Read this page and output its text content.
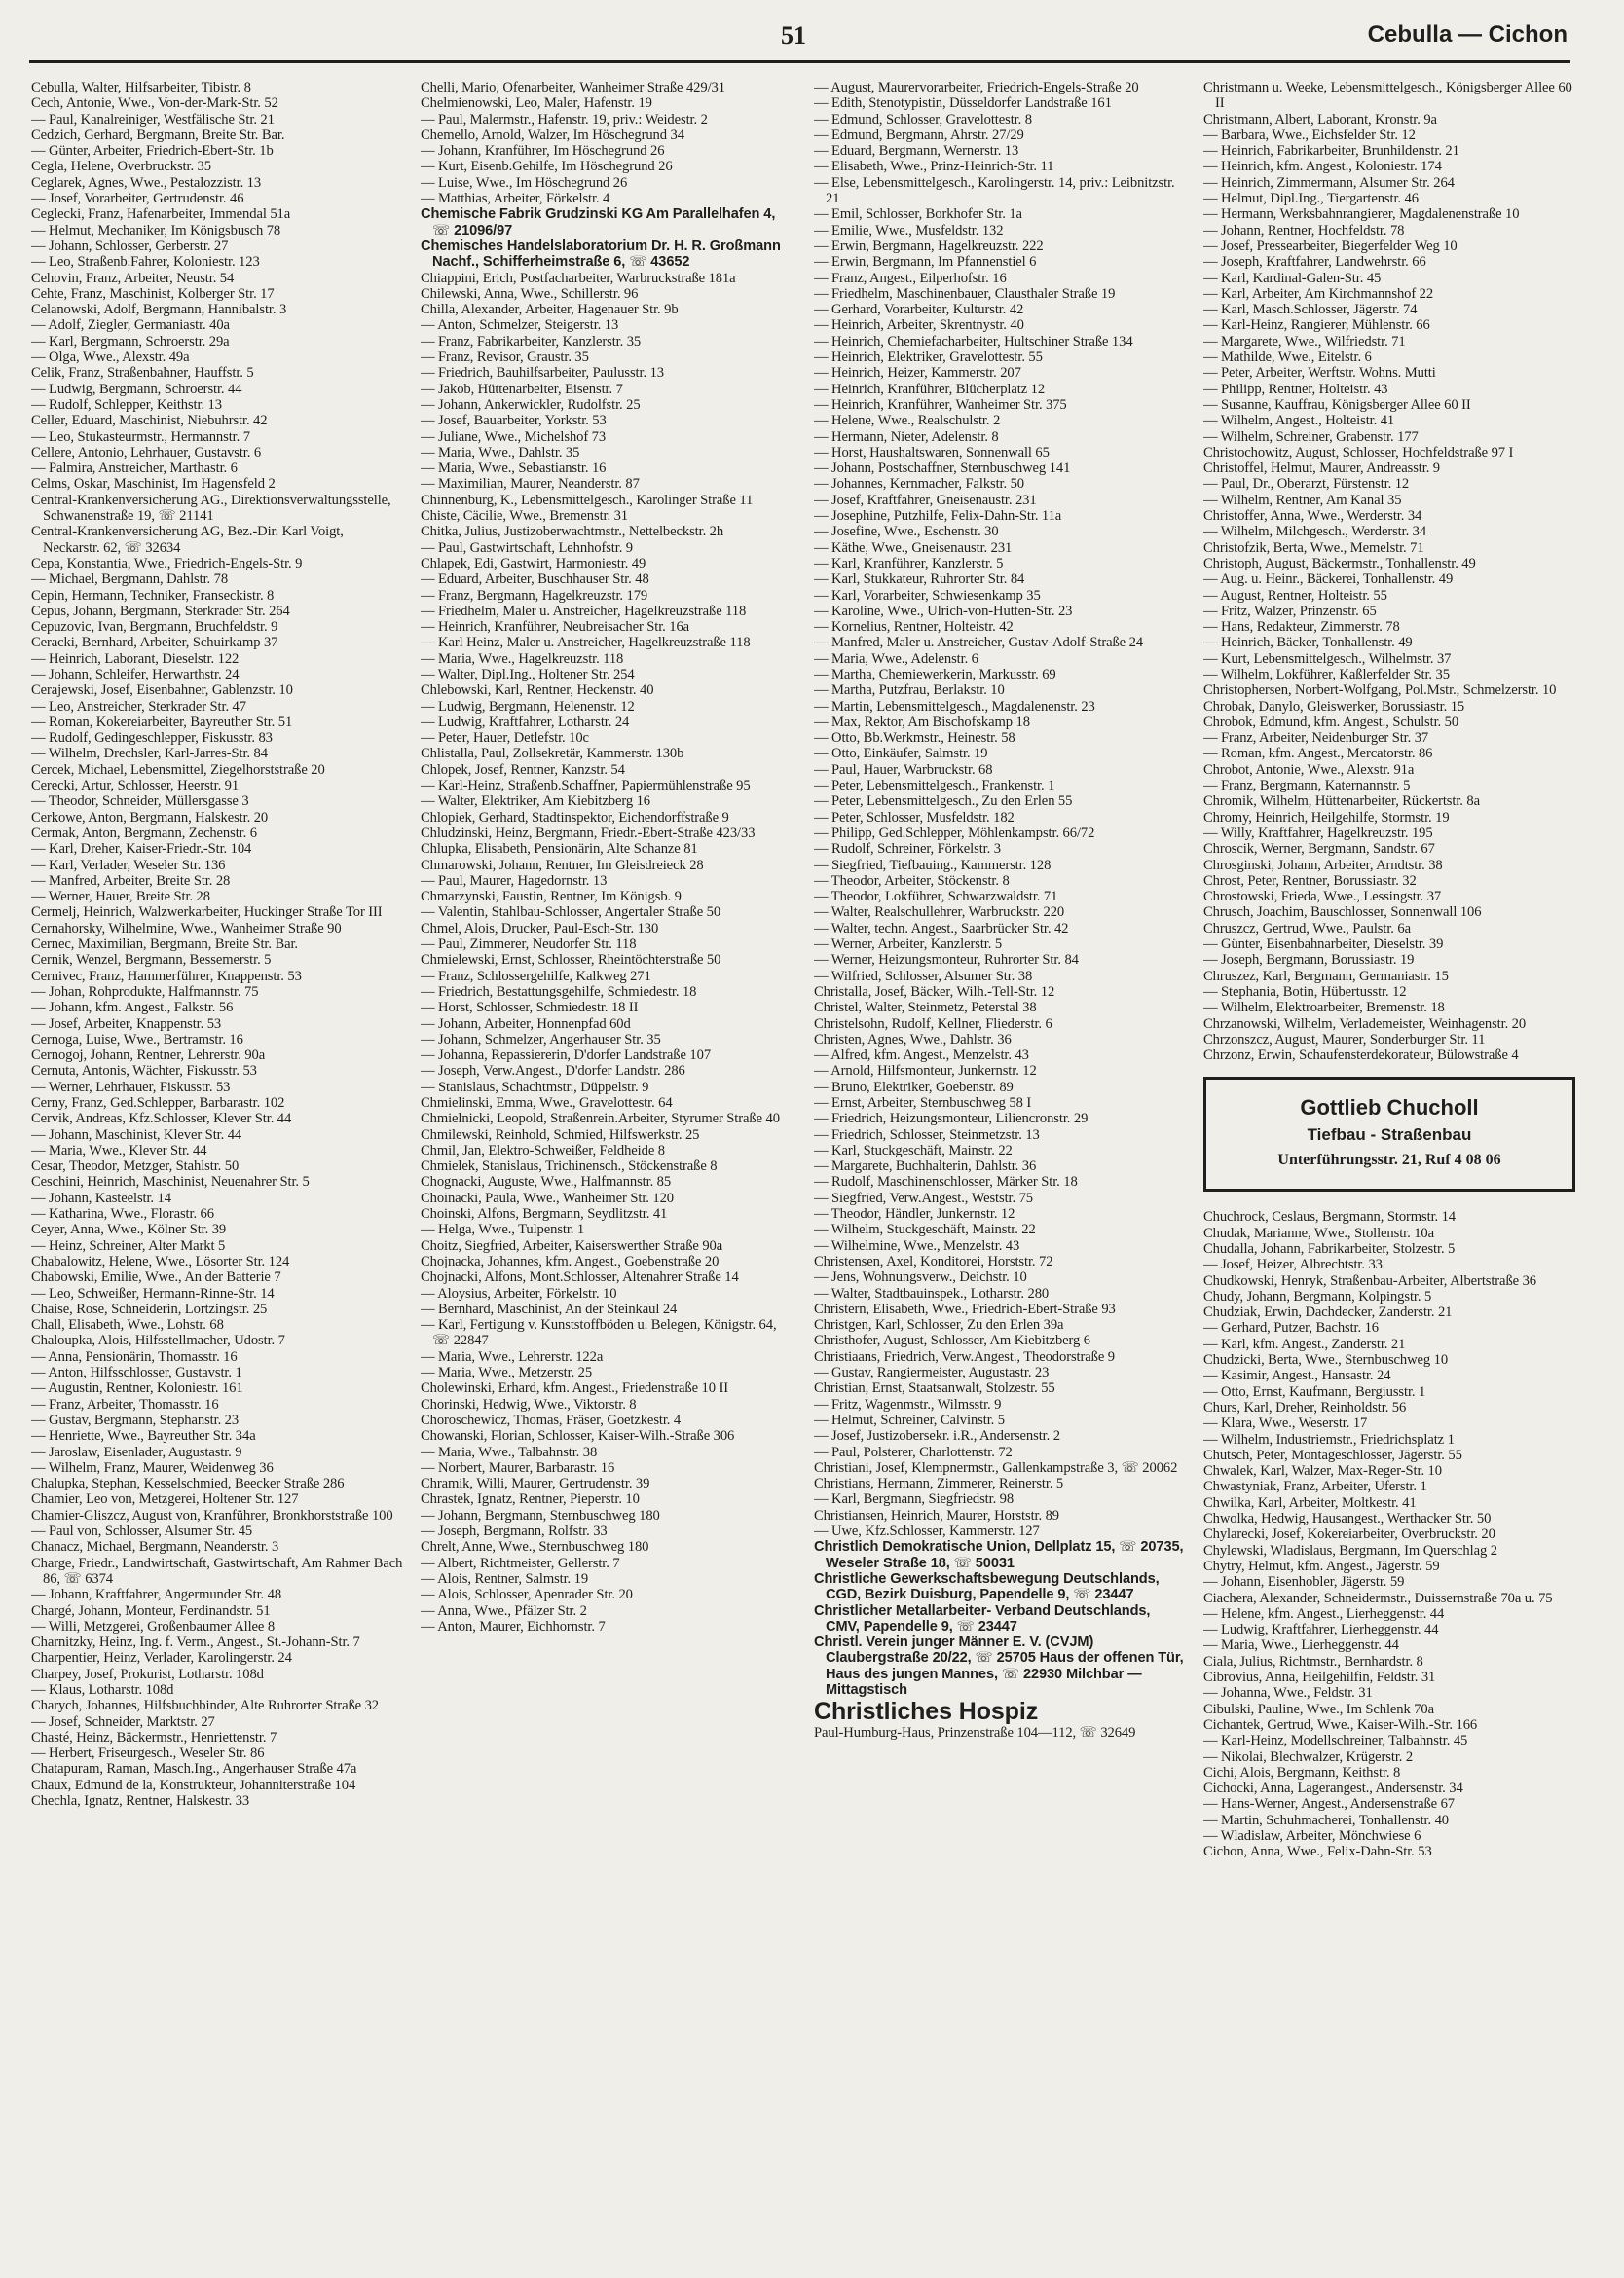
51	Cebulla — Cichon

Cebulla, Walter, Hilfsarbeiter, Tibistr. 8

Cech, Antonie, Wwe., Von-der-Mark-Str. 52

— Paul, Kanalreiniger, Westfälische Str. 21

Cedzich, Gerhard, Bergmann, Breite Str. Bar.

— Günter, Arbeiter, Friedrich-Ebert-Str. 1b

Cegla, Helene, Overbruckstr. 35

Ceglarek, Agnes, Wwe., Pestalozzistr. 13

— Josef, Vorarbeiter, Gertrudenstr. 46

Ceglecki, Franz, Hafenarbeiter, Immendal 51a

— Helmut, Mechaniker, Im Königsbusch 78

— Johann, Schlosser, Gerberstr. 27

— Leo, Straßenb.Fahrer, Koloniestr. 123

Cehovin, Franz, Arbeiter, Neustr. 54

Cehte, Franz, Maschinist, Kolberger Str. 17

Celanowski, Adolf, Bergmann, Hannibalstr. 3

— Adolf, Ziegler, Germaniastr. 40a

— Karl, Bergmann, Schroerstr. 29a

— Olga, Wwe., Alexstr. 49a

Celik, Franz, Straßenbahner, Hauffstr. 5

— Ludwig, Bergmann, Schroerstr. 44

— Rudolf, Schlepper, Keithstr. 13

Celler, Eduard, Maschinist, Niebuhrstr. 42

— Leo, Stukasteurmstr., Hermannstr. 7

Cellere, Antonio, Lehrhauer, Gustavstr. 6

— Palmira, Anstreicher, Marthastr. 6

Celms, Oskar, Maschinist, Im Hagensfeld 2

Central-Krankenversicherung AG., Direktionsverwaltungsstelle, Schwanenstraße 19, ☏ 21141

Central-Krankenversicherung AG, Bez.-Dir. Karl Voigt, Neckarstr. 62, ☏ 32634

Cepa, Konstantia, Wwe., Friedrich-Engels-Str. 9

— Michael, Bergmann, Dahlstr. 78

Cepin, Hermann, Techniker, Franseckistr. 8

Cepus, Johann, Bergmann, Sterkrader Str. 264

Cepuzovic, Ivan, Bergmann, Bruchfeldstr. 9

Ceracki, Bernhard, Arbeiter, Schuirkamp 37

— Heinrich, Laborant, Dieselstr. 122

— Johann, Schleifer, Herwarthstr. 24

Cerajewski, Josef, Eisenbahner, Gablenzstr. 10

— Leo, Anstreicher, Sterkrader Str. 47

— Roman, Kokereiarbeiter, Bayreuther Str. 51

— Rudolf, Gedingeschlepper, Fiskusstr. 83

— Wilhelm, Drechsler, Karl-Jarres-Str. 84

Cercek, Michael, Lebensmittel, Ziegelhorststraße 20

Cerecki, Artur, Schlosser, Heerstr. 91

— Theodor, Schneider, Müllersgasse 3

Cerkowe, Anton, Bergmann, Halskestr. 20

Cermak, Anton, Bergmann, Zechenstr. 6

— Karl, Dreher, Kaiser-Friedr.-Str. 104

— Karl, Verlader, Weseler Str. 136

— Manfred, Arbeiter, Breite Str. 28

— Werner, Hauer, Breite Str. 28

Cermelj, Heinrich, Walzwerkarbeiter, Huckinger Straße Tor III

Cernahorsky, Wilhelmine, Wwe., Wanheimer Straße 90

Cernec, Maximilian, Bergmann, Breite Str. Bar.

Cernik, Wenzel, Bergmann, Bessemerstr. 5

Cernivec, Franz, Hammerführer, Knappenstr. 53

— Johan, Rohprodukte, Halfmannstr. 75

— Johann, kfm. Angest., Falkstr. 56

— Josef, Arbeiter, Knappenstr. 53

Cernoga, Luise, Wwe., Bertramstr. 16

Cernogoj, Johann, Rentner, Lehrerstr. 90a

Cernuta, Antonis, Wächter, Fiskusstr. 53

— Werner, Lehrhauer, Fiskusstr. 53

Cerny, Franz, Ged.Schlepper, Barbarastr. 102

Cervik, Andreas, Kfz.Schlosser, Klever Str. 44

— Johann, Maschinist, Klever Str. 44

— Maria, Wwe., Klever Str. 44

Cesar, Theodor, Metzger, Stahlstr. 50

Ceschini, Heinrich, Maschinist, Neuenahrer Str. 5

— Johann, Kasteelstr. 14

— Katharina, Wwe., Florastr. 66

Ceyer, Anna, Wwe., Kölner Str. 39

— Heinz, Schreiner, Alter Markt 5

Chabalowitz, Helene, Wwe., Lösorter Str. 124

Chabowski, Emilie, Wwe., An der Batterie 7

— Leo, Schweißer, Hermann-Rinne-Str. 14

Chaise, Rose, Schneiderin, Lortzingstr. 25

Chall, Elisabeth, Wwe., Lohstr. 68

Chaloupka, Alois, Hilfsstellmacher, Udostr. 7

— Anna, Pensionärin, Thomasstr. 16

— Anton, Hilfsschlosser, Gustavstr. 1

— Augustin, Rentner, Koloniestr. 161

— Franz, Arbeiter, Thomasstr. 16

— Gustav, Bergmann, Stephanstr. 23

— Henriette, Wwe., Bayreuther Str. 34a

— Jaroslaw, Eisenlader, Augustastr. 9

— Wilhelm, Franz, Maurer, Weidenweg 36

Chalupka, Stephan, Kesselschmied, Beecker Straße 286

Chamier, Leo von, Metzgerei, Holtener Str. 127

Chamier-Gliszcz, August von, Kranführer, Bronkhorststraße 100

— Paul von, Schlosser, Alsumer Str. 45

Chanacz, Michael, Bergmann, Neanderstr. 3

Charge, Friedr., Landwirtschaft, Gastwirtschaft, Am Rahmer Bach 86, ☏ 6374

— Johann, Kraftfahrer, Angermunder Str. 48

Chargé, Johann, Monteur, Ferdinandstr. 51

— Willi, Metzgerei, Großenbaumer Allee 8

Charnitzky, Heinz, Ing. f. Verm., Angest., St.-Johann-Str. 7

Charpentier, Heinz, Verlader, Karolingerstr. 24

Charpey, Josef, Prokurist, Lotharstr. 108d

— Klaus, Lotharstr. 108d

Charych, Johannes, Hilfsbuchbinder, Alte Ruhrorter Straße 32

— Josef, Schneider, Marktstr. 27

Chasté, Heinz, Bäckermstr., Henriettenstr. 7

— Herbert, Friseurgesch., Weseler Str. 86

Chatapuram, Raman, Masch.Ing., Angerhauser Straße 47a

Chaux, Edmund de la, Konstrukteur, Johanniterstraße 104

Chechla, Ignatz, Rentner, Halskestr. 33

Chelli, Mario, Ofenarbeiter, Wanheimer Straße 429/31

Chelmienowski, Leo, Maler, Hafenstr. 19

— Paul, Malermstr., Hafenstr. 19, priv.: Weidestr. 2

Chemello, Arnold, Walzer, Im Höschegrund 34

— Johann, Kranführer, Im Höschegrund 26

— Kurt, Eisenb.Gehilfe, Im Höschegrund 26

— Luise, Wwe., Im Höschegrund 26

— Matthias, Arbeiter, Förkelstr. 4

Chemische Fabrik Grudzinski KG Am Parallelhafen 4, ☏ 21096/97

Chemisches Handelslaboratorium Dr. H. R. Großmann Nachf., Schifferheimstraße 6, ☏ 43652

Chiappini, Erich, Postfacharbeiter, Warbruckstraße 181a

Chilewski, Anna, Wwe., Schillerstr. 96

Chilla, Alexander, Arbeiter, Hagenauer Str. 9b

— Anton, Schmelzer, Steigerstr. 13

— Franz, Fabrikarbeiter, Kanzlerstr. 35

— Franz, Revisor, Graustr. 35

— Friedrich, Bauhilfsarbeiter, Paulusstr. 13

— Jakob, Hüttenarbeiter, Eisenstr. 7

— Johann, Ankerwickler, Rudolfstr. 25

— Josef, Bauarbeiter, Yorkstr. 53

— Juliane, Wwe., Michelshof 73

— Maria, Wwe., Dahlstr. 35

— Maria, Wwe., Sebastianstr. 16

— Maximilian, Maurer, Neanderstr. 87

Chinnenburg, K., Lebensmittelgesch., Karolinger Straße 11

Chiste, Cäcilie, Wwe., Bremenstr. 31

Chitka, Julius, Justizoberwachtmstr., Nettelbeckstr. 2h

— Paul, Gastwirtschaft, Lehnhofstr. 9

Chlapek, Edi, Gastwirt, Harmoniestr. 49

— Eduard, Arbeiter, Buschhauser Str. 48

— Franz, Bergmann, Hagelkreuzstr. 179

— Friedhelm, Maler u. Anstreicher, Hagelkreuzstraße 118

— Heinrich, Kranführer, Neubreisacher Str. 16a

— Karl Heinz, Maler u. Anstreicher, Hagelkreuzstraße 118

— Maria, Wwe., Hagelkreuzstr. 118

— Walter, Dipl.Ing., Holtener Str. 254

Chlebowski, Karl, Rentner, Heckenstr. 40

— Ludwig, Bergmann, Helenenstr. 12

— Ludwig, Kraftfahrer, Lotharstr. 24

— Peter, Hauer, Detlefstr. 10c

Chlistalla, Paul, Zollsekretär, Kammerstr. 130b

Chlopek, Josef, Rentner, Kanzstr. 54

— Karl-Heinz, Straßenb.Schaffner, Papiermühlenstraße 95

— Walter, Elektriker, Am Kiebitzberg 16

Chlopiek, Gerhard, Stadtinspektor, Eichendorffstraße 9

Chludzinski, Heinz, Bergmann, Friedr.-Ebert-Straße 423/33

Chlupka, Elisabeth, Pensionärin, Alte Schanze 81

Chmarowski, Johann, Rentner, Im Gleisdreieck 28

— Paul, Maurer, Hagedornstr. 13

Chmarzynski, Faustin, Rentner, Im Königsb. 9

— Valentin, Stahlbau-Schlosser, Angertaler Straße 50

Chmel, Alois, Drucker, Paul-Esch-Str. 130

— Paul, Zimmerer, Neudorfer Str. 118

Chmielewski, Ernst, Schlosser, Rheintöchterstraße 50

— Franz, Schlossergehilfe, Kalkweg 271

— Friedrich, Bestattungsgehilfe, Schmiedestr. 18

— Horst, Schlosser, Schmiedestr. 18 II

— Johann, Arbeiter, Honnenpfad 60d

— Johann, Schmelzer, Angerhauser Str. 35

— Johanna, Repassiererin, D'dorfer Landstraße 107

— Joseph, Verw.Angest., D'dorfer Landstr. 286

— Stanislaus, Schachtmstr., Düppelstr. 9

Chmielinski, Emma, Wwe., Gravelottestr. 64

Chmielnicki, Leopold, Straßenrein.Arbeiter, Styrumer Straße 40

Chmilewski, Reinhold, Schmied, Hilfswerkstr. 25

Chmil, Jan, Elektro-Schweißer, Feldheide 8

Chmielek, Stanislaus, Trichinensch., Stöckenstraße 8

Chognacki, Auguste, Wwe., Halfmannstr. 85

Choinacki, Paula, Wwe., Wanheimer Str. 120

Choinski, Alfons, Bergmann, Seydlitzstr. 41

— Helga, Wwe., Tulpenstr. 1

Choitz, Siegfried, Arbeiter, Kaiserswerther Straße 90a

Chojnacka, Johannes, kfm. Angest., Goebenstraße 20

Chojnacki, Alfons, Mont.Schlosser, Altenahrer Straße 14

— Aloysius, Arbeiter, Förkelstr. 10

— Bernhard, Maschinist, An der Steinkaul 24

— Karl, Fertigung v. Kunststoffböden u. Belegen, Königstr. 64, ☏ 22847

— Maria, Wwe., Lehrerstr. 122a

— Maria, Wwe., Metzerstr. 25

Cholewinski, Erhard, kfm. Angest., Friedenstraße 10 II

Chorinski, Hedwig, Wwe., Viktorstr. 8

Choroschewicz, Thomas, Fräser, Goetzkestr. 4

Chowanski, Florian, Schlosser, Kaiser-Wilh.-Straße 306

— Maria, Wwe., Talbahnstr. 38

— Norbert, Maurer, Barbarastr. 16

Chramik, Willi, Maurer, Gertrudenstr. 39

Chrastek, Ignatz, Rentner, Pieperstr. 10

— Johann, Bergmann, Sternbuschweg 180

— Joseph, Bergmann, Rolfstr. 33

Chrelt, Anne, Wwe., Sternbuschweg 180

— Albert, Richtmeister, Gellerstr. 7

— Alois, Rentner, Salmstr. 19

— Alois, Schlosser, Apenrader Str. 20

— Anna, Wwe., Pfälzer Str. 2

— Anton, Maurer, Eichhornstr. 7

— August, Maurervorarbeiter, Friedrich-Engels-Straße 20

— Edith, Stenotypistin, Düsseldorfer Landstraße 161

— Edmund, Schlosser, Gravelottestr. 8

— Edmund, Bergmann, Ahrstr. 27/29

— Eduard, Bergmann, Wernerstr. 13

— Elisabeth, Wwe., Prinz-Heinrich-Str. 11

— Else, Lebensmittelgesch., Karolingerstr. 14, priv.: Leibnitzstr. 21

— Emil, Schlosser, Borkhofer Str. 1a

— Emilie, Wwe., Musfeldstr. 132

— Erwin, Bergmann, Hagelkreuzstr. 222

— Erwin, Bergmann, Im Pfannenstiel 6

— Franz, Angest., Eilperhofstr. 16

— Friedhelm, Maschinenbauer, Clausthaler Straße 19

— Gerhard, Vorarbeiter, Kulturstr. 42

— Heinrich, Arbeiter, Skrentnystr. 40

— Heinrich, Chemiefacharbeiter, Hultschiner Straße 134

— Heinrich, Elektriker, Gravelottestr. 55

— Heinrich, Heizer, Kammerstr. 207

— Heinrich, Kranführer, Blücherplatz 12

— Heinrich, Kranführer, Wanheimer Str. 375

— Helene, Wwe., Realschulstr. 2

— Hermann, Nieter, Adelenstr. 8

— Horst, Haushaltswaren, Sonnenwall 65

— Johann, Postschaffner, Sternbuschweg 141

— Johannes, Kernmacher, Falkstr. 50

— Josef, Kraftfahrer, Gneisenaustr. 231

— Josephine, Putzhilfe, Felix-Dahn-Str. 11a

— Josefine, Wwe., Eschenstr. 30

— Käthe, Wwe., Gneisenaustr. 231

— Karl, Kranführer, Kanzlerstr. 5

— Karl, Stukkateur, Ruhrorter Str. 84

— Karl, Vorarbeiter, Schwiesenkamp 35

— Karoline, Wwe., Ulrich-von-Hutten-Str. 23

— Kornelius, Rentner, Holteistr. 42

— Manfred, Maler u. Anstreicher, Gustav-Adolf-Straße 24

— Maria, Wwe., Adelenstr. 6

— Martha, Chemiewerkerin, Markusstr. 69

— Martha, Putzfrau, Berlakstr. 10

— Martin, Lebensmittelgesch., Magdalenenstr. 23

— Max, Rektor, Am Bischofskamp 18

— Otto, Bb.Werkmstr., Heinestr. 58

— Otto, Einkäufer, Salmstr. 19

— Paul, Hauer, Warbruckstr. 68

— Peter, Lebensmittelgesch., Frankenstr. 1

— Peter, Lebensmittelgesch., Zu den Erlen 55

— Peter, Schlosser, Musfeldstr. 182

— Philipp, Ged.Schlepper, Möhlenkampstr. 66/72

— Rudolf, Schreiner, Förkelstr. 3

— Siegfried, Tiefbauing., Kammerstr. 128

— Theodor, Arbeiter, Stöckenstr. 8

— Theodor, Lokführer, Schwarzwaldstr. 71

— Walter, Realschullehrer, Warbruckstr. 220

— Walter, techn. Angest., Saarbrücker Str. 42

— Werner, Arbeiter, Kanzlerstr. 5

— Werner, Heizungsmonteur, Ruhrorter Str. 84

— Wilfried, Schlosser, Alsumer Str. 38

Christalla, Josef, Bäcker, Wilh.-Tell-Str. 12

Christel, Walter, Steinmetz, Peterstal 38

Christelsohn, Rudolf, Kellner, Fliederstr. 6

Christen, Agnes, Wwe., Dahlstr. 36

— Alfred, kfm. Angest., Menzelstr. 43

— Arnold, Hilfsmonteur, Junkernstr. 12

— Bruno, Elektriker, Goebenstr. 89

— Ernst, Arbeiter, Sternbuschweg 58 I

— Friedrich, Heizungsmonteur, Liliencronstr. 29

— Friedrich, Schlosser, Steinmetzstr. 13

— Karl, Stuckgeschäft, Mainstr. 22

— Margarete, Buchhalterin, Dahlstr. 36

— Rudolf, Maschinenschlosser, Märker Str. 18

— Siegfried, Verw.Angest., Weststr. 75

— Theodor, Händler, Junkernstr. 12

— Wilhelm, Stuckgeschäft, Mainstr. 22

— Wilhelmine, Wwe., Menzelstr. 43

Christensen, Axel, Konditorei, Horststr. 72

— Jens, Wohnungsverw., Deichstr. 10

— Walter, Stadtbauinspek., Lotharstr. 280

Christern, Elisabeth, Wwe., Friedrich-Ebert-Straße 93

Christgen, Karl, Schlosser, Zu den Erlen 39a

Christhofer, August, Schlosser, Am Kiebitzberg 6

Christiaans, Friedrich, Verw.Angest., Theodorstraße 9

— Gustav, Rangiermeister, Augustastr. 23

Christian, Ernst, Staatsanwalt, Stolzestr. 55

— Fritz, Wagenmstr., Wilmsstr. 9

— Helmut, Schreiner, Calvinstr. 5

— Josef, Justizobersekr. i.R., Andersenstr. 2

— Paul, Polsterer, Charlottenstr. 72

Christiani, Josef, Klempnermstr., Gallenkampstraße 3, ☏ 20062

Christians, Hermann, Zimmerer, Reinerstr. 5

— Karl, Bergmann, Siegfriedstr. 98

Christiansen, Heinrich, Maurer, Horststr. 89

— Uwe, Kfz.Schlosser, Kammerstr. 127

Christlich Demokratische Union, Dellplatz 15, ☏ 20735, Weseler Straße 18, ☏ 50031

Christliche Gewerkschaftsbewegung Deutschlands, CGD, Bezirk Duisburg, Papendelle 9, ☏ 23447

Christlicher Metallarbeiter- Verband Deutschlands, CMV, Papendelle 9, ☏ 23447

Christl. Verein junger Männer E. V. (CVJM) Claubergstraße 20/22, ☏ 25705 Haus der offenen Tür, Haus des jungen Mannes, ☏ 22930 Milchbar — Mittagstisch

Christliches Hospiz

Paul-Humburg-Haus, Prinzenstraße 104—112, ☏ 32649

Christmann u. Weeke, Lebensmittelgesch., Königsberger Allee 60 II

Christmann, Albert, Laborant, Kronstr. 9a

— Barbara, Wwe., Eichsfelder Str. 12

— Heinrich, Fabrikarbeiter, Brunhildenstr. 21

— Heinrich, kfm. Angest., Koloniestr. 174

— Heinrich, Zimmermann, Alsumer Str. 264

— Helmut, Dipl.Ing., Tiergartenstr. 46

— Hermann, Werksbahnrangierer, Magdalenenstraße 10

— Johann, Rentner, Hochfeldstr. 78

— Josef, Pressearbeiter, Biegerfelder Weg 10

— Joseph, Kraftfahrer, Landwehrstr. 66

— Karl, Kardinal-Galen-Str. 45

— Karl, Arbeiter, Am Kirchmannshof 22

— Karl, Masch.Schlosser, Jägerstr. 74

— Karl-Heinz, Rangierer, Mühlenstr. 66

— Margarete, Wwe., Wilfriedstr. 71

— Mathilde, Wwe., Eitelstr. 6

— Peter, Arbeiter, Werftstr. Wohns. Mutti

— Philipp, Rentner, Holteistr. 43

— Susanne, Kauffrau, Königsberger Allee 60 II

— Wilhelm, Angest., Holteistr. 41

— Wilhelm, Schreiner, Grabenstr. 177

Christochowitz, August, Schlosser, Hochfeldstraße 97 I

Christoffel, Helmut, Maurer, Andreasstr. 9

— Paul, Dr., Oberarzt, Fürstenstr. 12

— Wilhelm, Rentner, Am Kanal 35

Christoffer, Anna, Wwe., Werderstr. 34

— Wilhelm, Milchgesch., Werderstr. 34

Christofzik, Berta, Wwe., Memelstr. 71

Christoph, August, Bäckermstr., Tonhallenstr. 49

— Aug. u. Heinr., Bäckerei, Tonhallenstr. 49

— August, Rentner, Holteistr. 55

— Fritz, Walzer, Prinzenstr. 65

— Hans, Redakteur, Zimmerstr. 78

— Heinrich, Bäcker, Tonhallenstr. 49

— Kurt, Lebensmittelgesch., Wilhelmstr. 37

— Wilhelm, Lokführer, Kaßlerfelder Str. 35

Christophersen, Norbert-Wolfgang, Pol.Mstr., Schmelzerstr. 10

Chrobak, Danylo, Gleiswerker, Borussiastr. 15

Chrobok, Edmund, kfm. Angest., Schulstr. 50

— Franz, Arbeiter, Neidenburger Str. 37

— Roman, kfm. Angest., Mercatorstr. 86

Chrobot, Antonie, Wwe., Alexstr. 91a

— Franz, Bergmann, Katernannstr. 5

Chromik, Wilhelm, Hüttenarbeiter, Rückertstr. 8a

Chromy, Heinrich, Heilgehilfe, Stormstr. 19

— Willy, Kraftfahrer, Hagelkreuzstr. 195

Chroscik, Werner, Bergmann, Sandstr. 67

Chrosginski, Johann, Arbeiter, Arndtstr. 38

Chrost, Peter, Rentner, Borussiastr. 32

Chrostowski, Frieda, Wwe., Lessingstr. 37

Chrusch, Joachim, Bauschlosser, Sonnenwall 106

Chruszcz, Gertrud, Wwe., Paulstr. 6a

— Günter, Eisenbahnarbeiter, Dieselstr. 39

— Joseph, Bergmann, Borussiastr. 19

Chruszez, Karl, Bergmann, Germaniastr. 15

— Stephania, Botin, Hübertusstr. 12

— Wilhelm, Elektroarbeiter, Bremenstr. 18

Chrzanowski, Wilhelm, Verlademeister, Weinhagenstr. 20

Chrzonszcz, August, Maurer, Sonderburger Str. 11

Chrzonz, Erwin, Schaufensterdekorateur, Bülowstraße 4

Gottlieb Chucholl
Tiefbau - Straßenbau
Unterführungsstr. 21, Ruf 4 08 06

Chuchrock, Ceslaus, Bergmann, Stormstr. 14

Chudak, Marianne, Wwe., Stollenstr. 10a

Chudalla, Johann, Fabrikarbeiter, Stolzestr. 5

— Josef, Heizer, Albrechtstr. 33

Chudkowski, Henryk, Straßenbau-Arbeiter, Albertstraße 36

Chudy, Johann, Bergmann, Kolpingstr. 5

Chudziak, Erwin, Dachdecker, Zanderstr. 21

— Gerhard, Putzer, Bachstr. 16

— Karl, kfm. Angest., Zanderstr. 21

Chudzicki, Berta, Wwe., Sternbuschweg 10

— Kasimir, Angest., Hansastr. 24

— Otto, Ernst, Kaufmann, Bergiusstr. 1

Churs, Karl, Dreher, Reinholdstr. 56

— Klara, Wwe., Weserstr. 17

— Wilhelm, Industriemstr., Friedrichsplatz 1

Chutsch, Peter, Montageschlosser, Jägerstr. 55

Chwalek, Karl, Walzer, Max-Reger-Str. 10

Chwastyniak, Franz, Arbeiter, Uferstr. 1

Chwilka, Karl, Arbeiter, Moltkestr. 41

Chwolka, Hedwig, Hausangest., Werthacker Str. 50

Chylarecki, Josef, Kokereiarbeiter, Overbruckstr. 20

Chylewski, Wladislaus, Bergmann, Im Querschlag 2

Chytry, Helmut, kfm. Angest., Jägerstr. 59

— Johann, Eisenhobler, Jägerstr. 59

Ciachera, Alexander, Schneidermstr., Duissernstraße 70a u. 75

— Helene, kfm. Angest., Lierheggenstr. 44

— Ludwig, Kraftfahrer, Lierheggenstr. 44

— Maria, Wwe., Lierheggenstr. 44

Ciala, Julius, Richtmstr., Bernhardstr. 8

Cibrovius, Anna, Heilgehilfin, Feldstr. 31

— Johanna, Wwe., Feldstr. 31

Cibulski, Pauline, Wwe., Im Schlenk 70a

Cichantek, Gertrud, Wwe., Kaiser-Wilh.-Str. 166

— Karl-Heinz, Modellschreiner, Talbahnstr. 45

— Nikolai, Blechwalzer, Krügerstr. 2

Cichi, Alois, Bergmann, Keithstr. 8

Cichocki, Anna, Lagerangest., Andersenstr. 34

— Hans-Werner, Angest., Andersenstraße 67

— Martin, Schuhmacherei, Tonhallenstr. 40

— Wladislaw, Arbeiter, Mönchwiese 6

Cichon, Anna, Wwe., Felix-Dahn-Str. 53
